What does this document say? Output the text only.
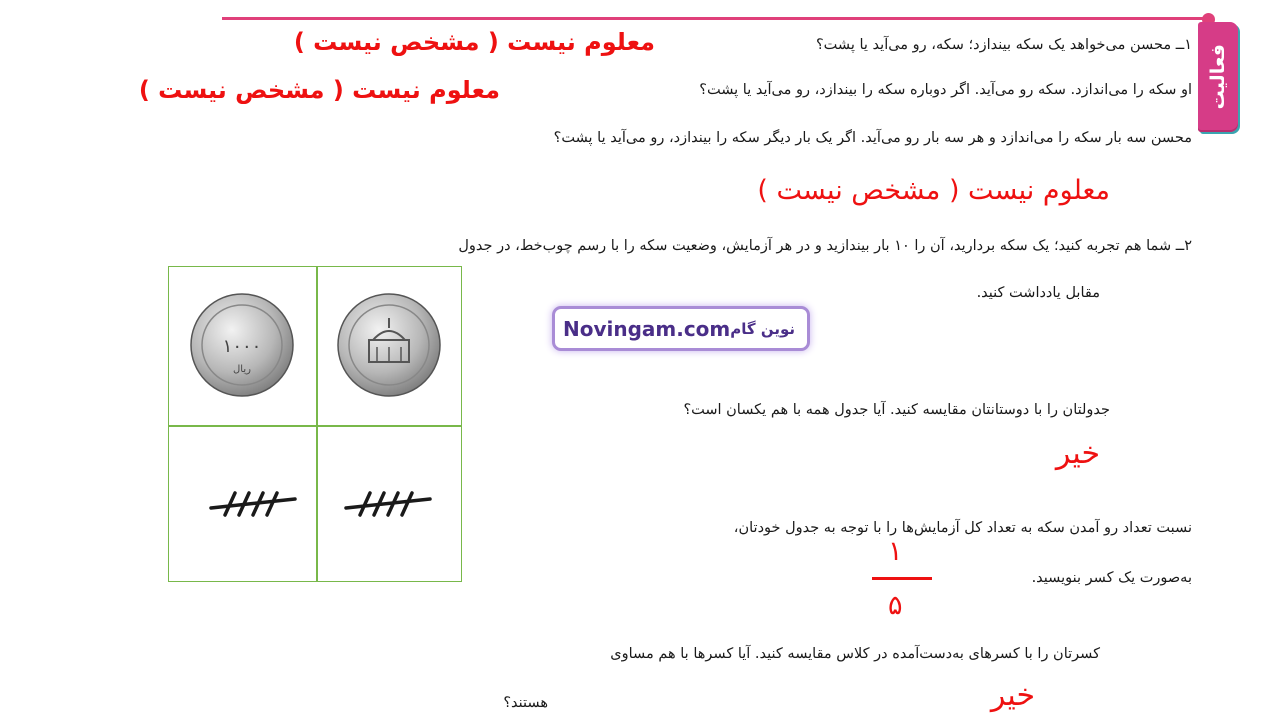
فعالیت
۱ــ محسن می‌خواهد یک سکه بیندازد؛ سکه، رو می‌آید یا پشت؟
معلوم نیست ( مشخص نیست )
او سکه را می‌اندازد. سکه رو می‌آید. اگر دوباره سکه را بیندازد، رو می‌آید یا پشت؟
معلوم نیست ( مشخص نیست )
محسن سه بار سکه را می‌اندازد و هر سه بار رو می‌آید. اگر یک بار دیگر سکه را بیندازد، رو می‌آید یا پشت؟
معلوم نیست ( مشخص نیست )
۲ــ شما هم تجربه کنید؛ یک سکه بردارید، آن را ۱۰ بار بیندازید و در هر آزمایش، وضعیت سکه را با رسم چوب‌خط، در جدول
مقابل یادداشت کنید.
۱۰۰۰
ریال
Novingam.com نوین گام
جدولتان را با دوستانتان مقایسه کنید. آیا جدول همه با هم یکسان است؟
خیر
نسبت تعداد رو آمدن سکه به تعداد کل آزمایش‌ها را با توجه به جدول خودتان،
به‌صورت یک کسر بنویسید.
۱
۵
کسرتان را با کسرهای به‌دست‌آمده در کلاس مقایسه کنید. آیا کسرها با هم مساوی
هستند؟	خیر
